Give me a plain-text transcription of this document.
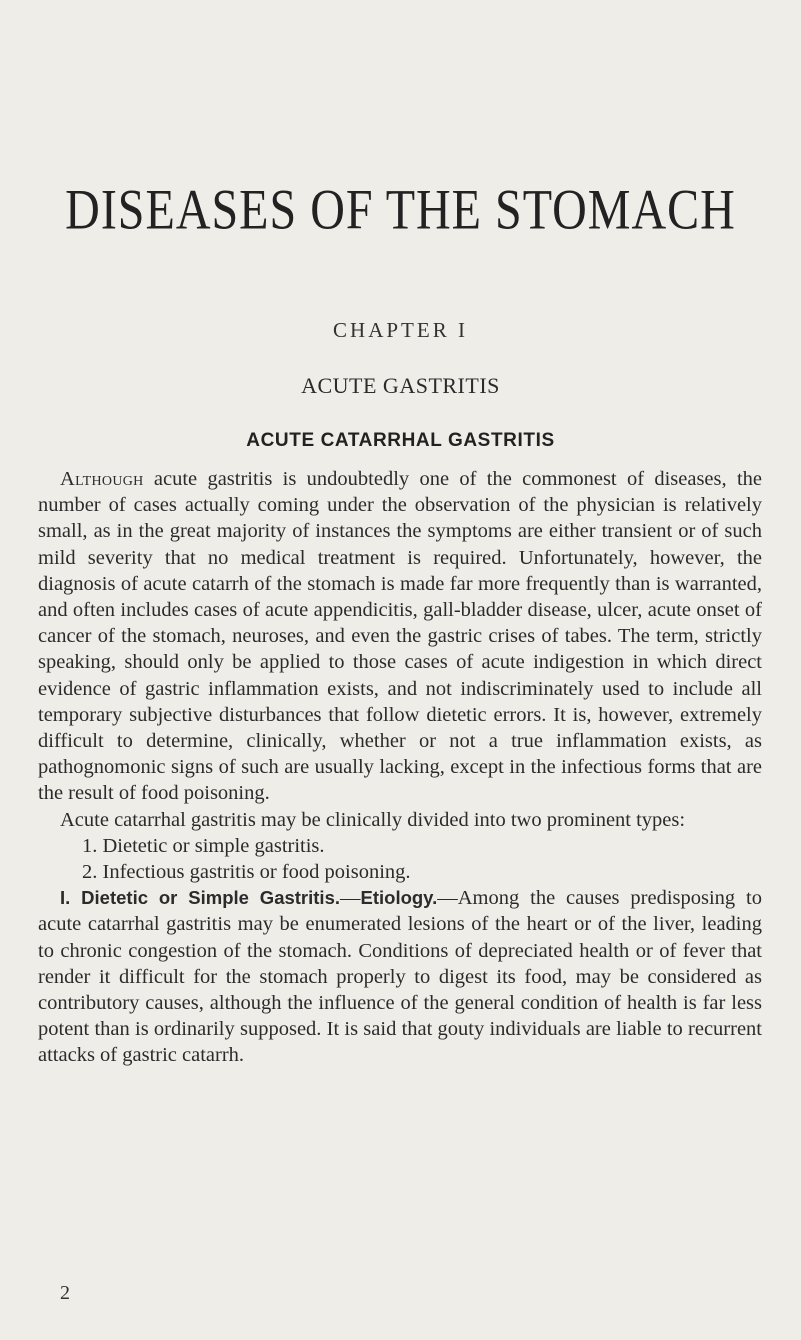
DISEASES OF THE STOMACH
CHAPTER I
ACUTE GASTRITIS
ACUTE CATARRHAL GASTRITIS

Although acute gastritis is undoubtedly one of the commonest of diseases, the number of cases actually coming under the observation of the physician is relatively small, as in the great majority of instances the symptoms are either transient or of such mild severity that no medical treatment is required. Unfortunately, however, the diagnosis of acute catarrh of the stomach is made far more frequently than is warranted, and often includes cases of acute appendicitis, gall-bladder disease, ulcer, acute onset of cancer of the stomach, neuroses, and even the gastric crises of tabes. The term, strictly speaking, should only be applied to those cases of acute indigestion in which direct evidence of gastric inflammation exists, and not indiscriminately used to include all temporary subjective disturbances that follow dietetic errors. It is, however, extremely difficult to determine, clinically, whether or not a true inflammation exists, as pathognomonic signs of such are usually lacking, except in the infectious forms that are the result of food poisoning.

Acute catarrhal gastritis may be clinically divided into two prominent types:

1. Dietetic or simple gastritis.

2. Infectious gastritis or food poisoning.

I. Dietetic or Simple Gastritis.—Etiology.—Among the causes predisposing to acute catarrhal gastritis may be enumerated lesions of the heart or of the liver, leading to chronic congestion of the stomach. Conditions of depreciated health or of fever that render it difficult for the stomach properly to digest its food, may be considered as contributory causes, although the influence of the general condition of health is far less potent than is ordinarily supposed. It is said that gouty individuals are liable to recurrent attacks of gastric catarrh.

2
